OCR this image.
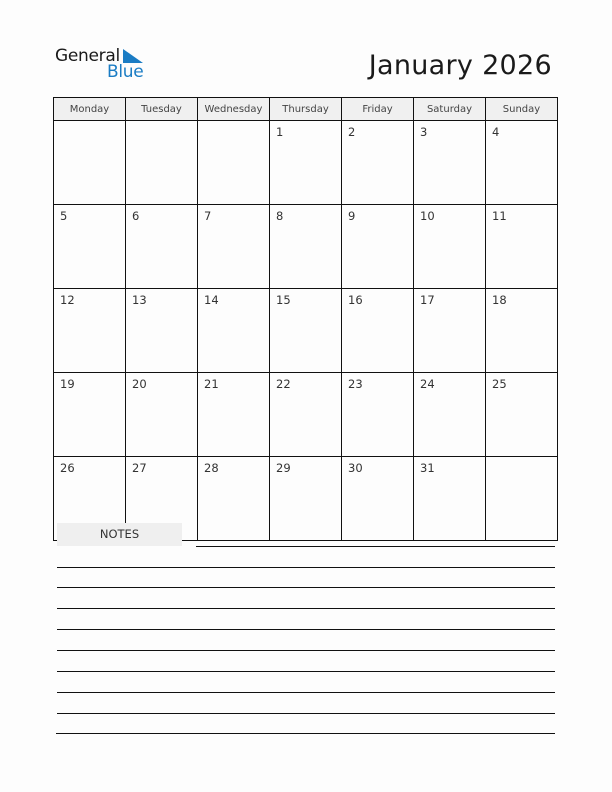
General
Blue	January 2026
Monday	Tuesday	Wednesday	Thursday	Friday	Saturday	Sunday
			1	2	3	4
5	6	7	8	9	10	11
12	13	14	15	16	17	18
19	20	21	22	23	24	25
26	27	28	29	30	31	
NOTES
